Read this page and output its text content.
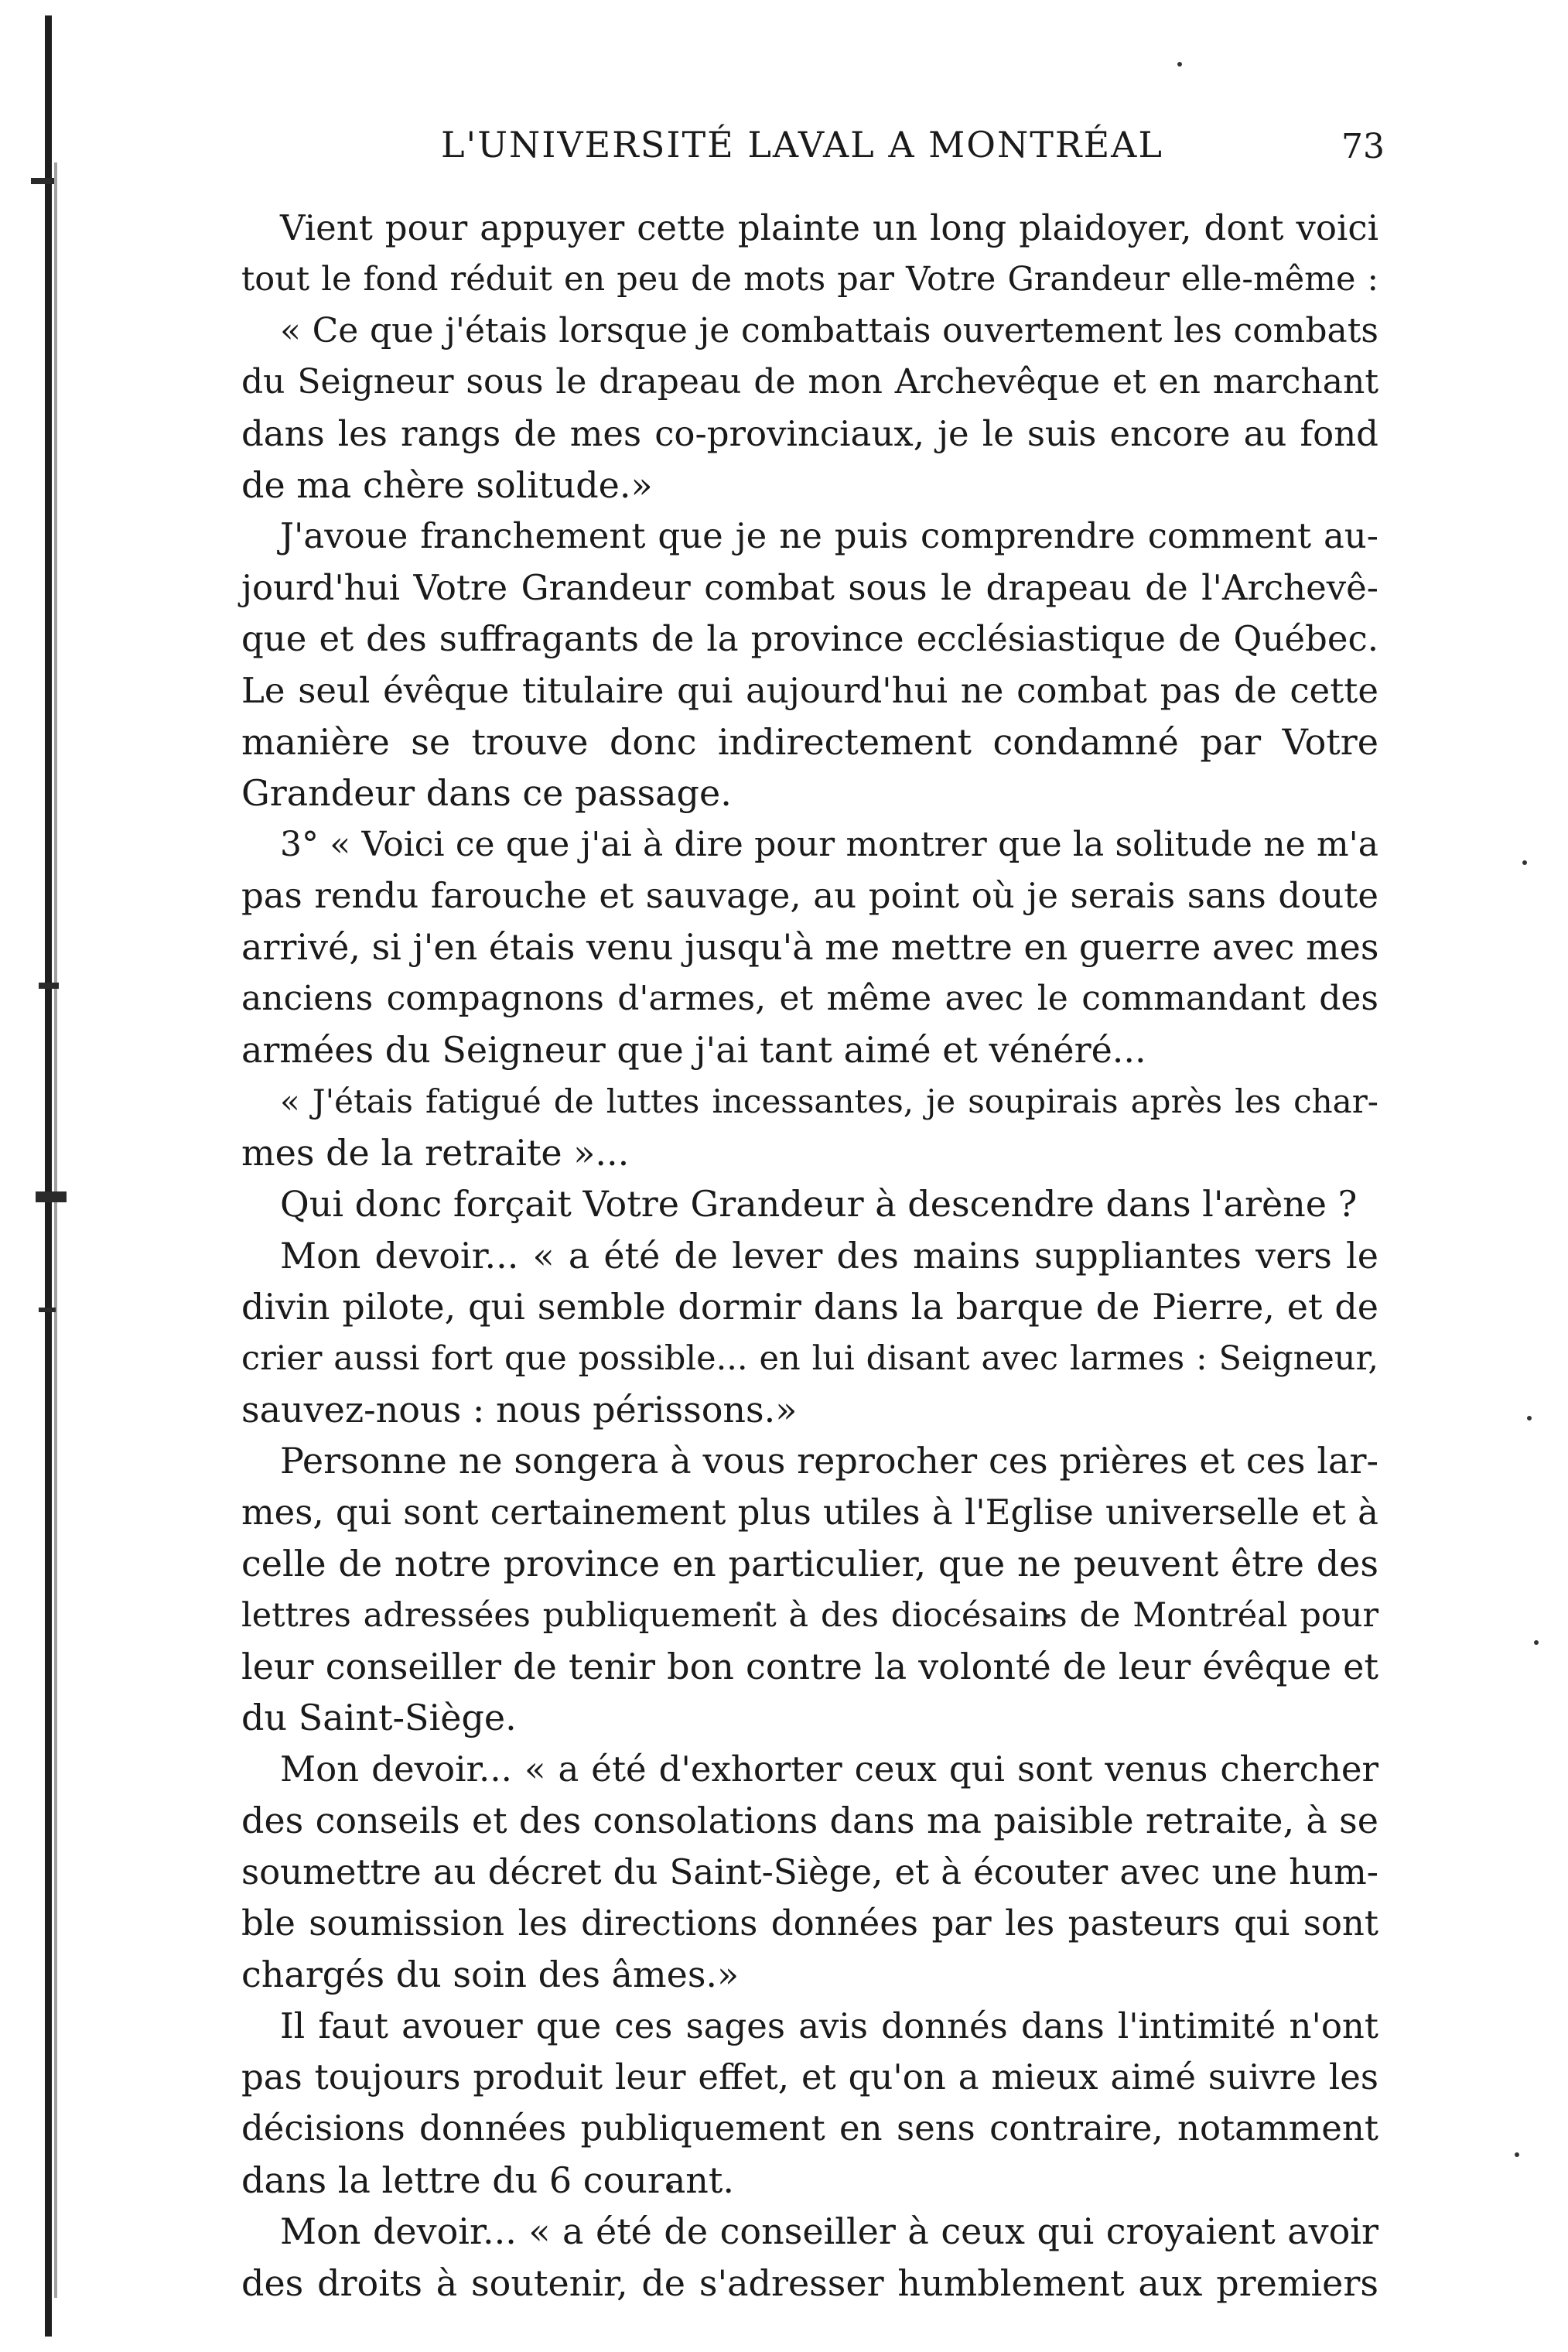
L'UNIVERSITÉ LAVAL A MONTRÉAL	73
Vient pour appuyer cette plainte un long plaidoyer, dont voici
tout le fond réduit en peu de mots par Votre Grandeur elle-même :
« Ce que j'étais lorsque je combattais ouvertement les combats
du Seigneur sous le drapeau de mon Archevêque et en marchant
dans les rangs de mes co-provinciaux, je le suis encore au fond
de ma chère solitude.»
J'avoue franchement que je ne puis comprendre comment au-
jourd'hui Votre Grandeur combat sous le drapeau de l'Archevê-
que et des suffragants de la province ecclésiastique de Québec.
Le seul évêque titulaire qui aujourd'hui ne combat pas de cette
manière se trouve donc indirectement condamné par Votre
Grandeur dans ce passage.
3° « Voici ce que j'ai à dire pour montrer que la solitude ne m'a
pas rendu farouche et sauvage, au point où je serais sans doute
arrivé, si j'en étais venu jusqu'à me mettre en guerre avec mes
anciens compagnons d'armes, et même avec le commandant des
armées du Seigneur que j'ai tant aimé et vénéré...
« J'étais fatigué de luttes incessantes, je soupirais après les char-
mes de la retraite »...
Qui donc forçait Votre Grandeur à descendre dans l'arène ?
Mon devoir... « a été de lever des mains suppliantes vers le
divin pilote, qui semble dormir dans la barque de Pierre, et de
crier aussi fort que possible... en lui disant avec larmes : Seigneur,
sauvez-nous : nous périssons.»
Personne ne songera à vous reprocher ces prières et ces lar-
mes, qui sont certainement plus utiles à l'Eglise universelle et à
celle de notre province en particulier, que ne peuvent être des
lettres adressées publiquement à des diocésains de Montréal pour
leur conseiller de tenir bon contre la volonté de leur évêque et
du Saint-Siège.
Mon devoir... « a été d'exhorter ceux qui sont venus chercher
des conseils et des consolations dans ma paisible retraite, à se
soumettre au décret du Saint-Siège, et à écouter avec une hum-
ble soumission les directions données par les pasteurs qui sont
chargés du soin des âmes.»
Il faut avouer que ces sages avis donnés dans l'intimité n'ont
pas toujours produit leur effet, et qu'on a mieux aimé suivre les
décisions données publiquement en sens contraire, notamment
dans la lettre du 6 courant.
Mon devoir... « a été de conseiller à ceux qui croyaient avoir
des droits à soutenir, de s'adresser humblement aux premiers
